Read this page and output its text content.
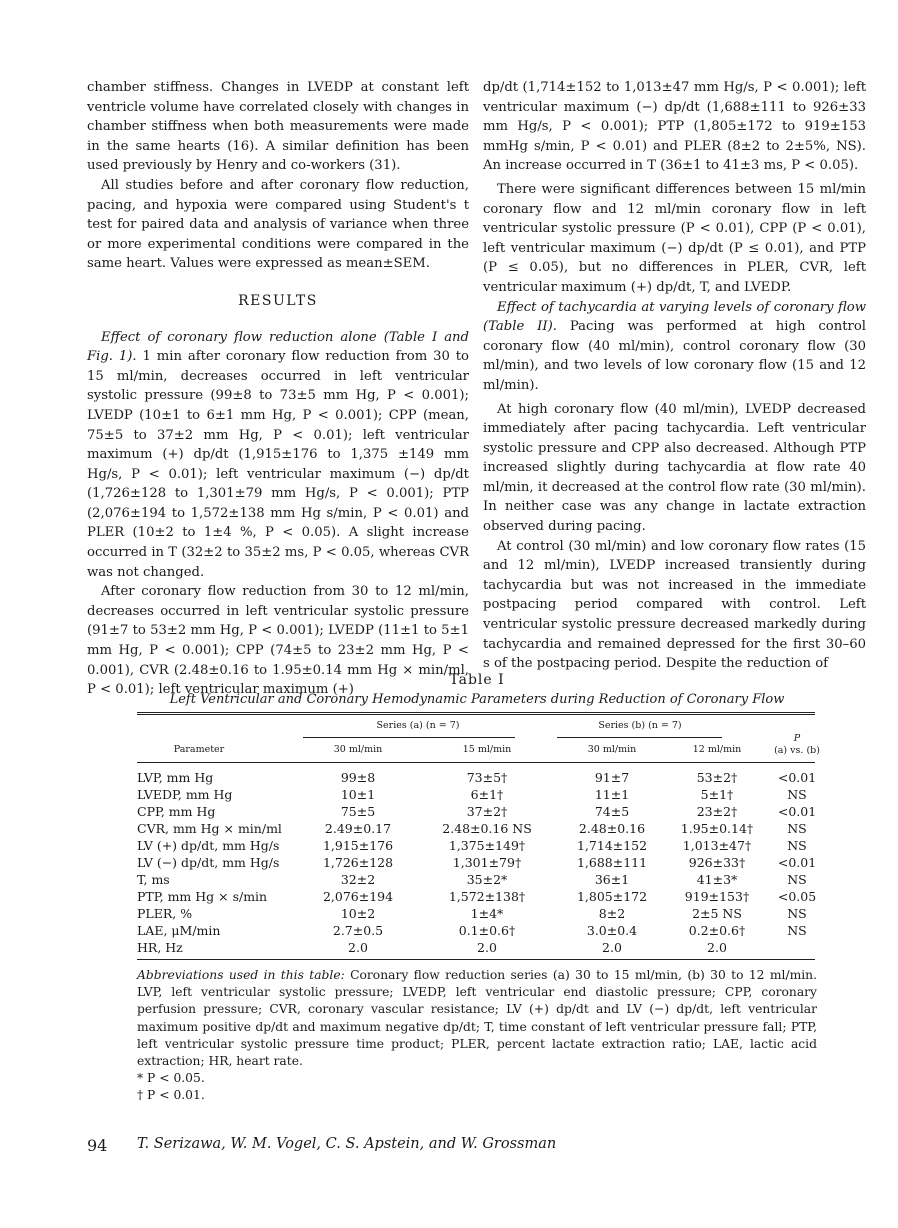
chamber stiffness. Changes in LVEDP at constant left ventricle volume have correlated closely with changes in chamber stiffness when both measurements were made in the same hearts (16). A similar definition has been used previously by Henry and co-workers (31).

All studies before and after coronary flow reduction, pacing, and hypoxia were compared using Student's t test for paired data and analysis of variance when three or more experimental conditions were compared in the same heart. Values were expressed as mean±SEM.

RESULTS

Effect of coronary flow reduction alone (Table I and Fig. 1). 1 min after coronary flow reduction from 30 to 15 ml/min, decreases occurred in left ventricular systolic pressure (99±8 to 73±5 mm Hg, P < 0.001); LVEDP (10±1 to 6±1 mm Hg, P < 0.001); CPP (mean, 75±5 to 37±2 mm Hg, P < 0.01); left ventricular maximum (+) dp/dt (1,915±176 to 1,375 ±149 mm Hg/s, P < 0.01); left ventricular maximum (−) dp/dt (1,726±128 to 1,301±79 mm Hg/s, P < 0.001); PTP (2,076±194 to 1,572±138 mm Hg s/min, P < 0.01) and PLER (10±2 to 1±4 %, P < 0.05). A slight increase occurred in T (32±2 to 35±2 ms, P < 0.05, whereas CVR was not changed.

After coronary flow reduction from 30 to 12 ml/min, decreases occurred in left ventricular systolic pressure (91±7 to 53±2 mm Hg, P < 0.001); LVEDP (11±1 to 5±1 mm Hg, P < 0.001); CPP (74±5 to 23±2 mm Hg, P < 0.001), CVR (2.48±0.16 to 1.95±0.14 mm Hg × min/ml, P < 0.01); left ventricular maximum (+)

dp/dt (1,714±152 to 1,013±47 mm Hg/s, P < 0.001); left ventricular maximum (−) dp/dt (1,688±111 to 926±33 mm Hg/s, P < 0.001); PTP (1,805±172 to 919±153 mmHg s/min, P < 0.01) and PLER (8±2 to 2±5%, NS). An increase occurred in T (36±1 to 41±3 ms, P < 0.05).

There were significant differences between 15 ml/min coronary flow and 12 ml/min coronary flow in left ventricular systolic pressure (P < 0.01), CPP (P < 0.01), left ventricular maximum (−) dp/dt (P ≤ 0.01), and PTP (P ≤ 0.05), but no differences in PLER, CVR, left ventricular maximum (+) dp/dt, T, and LVEDP.

Effect of tachycardia at varying levels of coronary flow (Table II). Pacing was performed at high control coronary flow (40 ml/min), control coronary flow (30 ml/min), and two levels of low coronary flow (15 and 12 ml/min).

At high coronary flow (40 ml/min), LVEDP decreased immediately after pacing tachycardia. Left ventricular systolic pressure and CPP also decreased. Although PTP increased slightly during tachycardia at flow rate 40 ml/min, it decreased at the control flow rate (30 ml/min). In neither case was any change in lactate extraction observed during pacing.

At control (30 ml/min) and low coronary flow rates (15 and 12 ml/min), LVEDP increased transiently during tachycardia but was not increased in the immediate postpacing period compared with control. Left ventricular systolic pressure decreased markedly during tachycardia and remained depressed for the first 30–60 s of the postpacing period. Despite the reduction of

Table I
Left Ventricular and Coronary Hemodynamic Parameters during Reduction of Coronary Flow
Series (a) (n = 7)	Series (b) (n = 7)
Parameter	30 ml/min	15 ml/min	30 ml/min	12 ml/min
P
(a) vs. (b)
LVP, mm Hg	99±8	73±5†	91±7	53±2†	<0.01
LVEDP, mm Hg	10±1	6±1†	11±1	5±1†	NS
CPP, mm Hg	75±5	37±2†	74±5	23±2†	<0.01
CVR, mm Hg × min/ml	2.49±0.17	2.48±0.16 NS	2.48±0.16	1.95±0.14†	NS
LV (+) dp/dt, mm Hg/s	1,915±176	1,375±149†	1,714±152	1,013±47†	NS
LV (−) dp/dt, mm Hg/s	1,726±128	1,301±79†	1,688±111	926±33†	<0.01
T, ms	32±2	35±2*	36±1	41±3*	NS
PTP, mm Hg × s/min	2,076±194	1,572±138†	1,805±172	919±153†	<0.05
PLER, %	10±2	1±4*	8±2	2±5 NS	NS
LAE, μM/min	2.7±0.5	0.1±0.6†	3.0±0.4	0.2±0.6†	NS
HR, Hz	2.0	2.0	2.0	2.0

Abbreviations used in this table: Coronary flow reduction series (a) 30 to 15 ml/min, (b) 30 to 12 ml/min. LVP, left ventricular systolic pressure; LVEDP, left ventricular end diastolic pressure; CPP, coronary perfusion pressure; CVR, coronary vascular resistance; LV (+) dp/dt and LV (−) dp/dt, left ventricular maximum positive dp/dt and maximum negative dp/dt; T, time constant of left ventricular pressure fall; PTP, left ventricular systolic pressure time product; PLER, percent lactate extraction ratio; LAE, lactic acid extraction; HR, heart rate.

* P < 0.05.

† P < 0.01.

94 T. Serizawa, W. M. Vogel, C. S. Apstein, and W. Grossman
